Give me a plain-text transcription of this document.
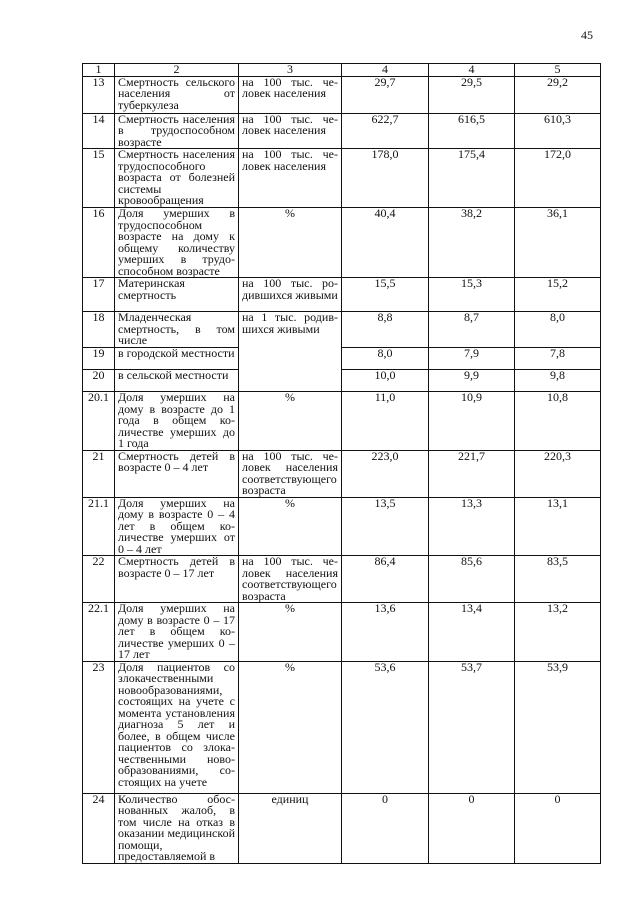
45
1	2	3	4	4	5
13	Смертность сельского населения от туберкулеза	на 100 тыс. человек населения	29,7	29,5	29,2
14	Смертность населения в трудоспособном возрасте	на 100 тыс. человек населения	622,7	616,5	610,3
15	Смертность населения трудоспособного возраста от болезней системы кровообращения	на 100 тыс. человек населения	178,0	175,4	172,0
16	Доля умерших в трудоспособном возрасте на дому к общему количеству умерших в трудоспособном возрасте	%	40,4	38,2	36,1
17	Материнская смертность	на 100 тыс. родившихся живыми	15,5	15,3	15,2
18	Младенческая смертность, в том числе	на 1 тыс. родившихся живыми	8,8	8,7	8,0
19	в городской местности		8,0	7,9	7,8
20	в сельской местности		10,0	9,9	9,8
20.1	Доля умерших на дому в возрасте до 1 года в общем количестве умерших до 1 года	%	11,0	10,9	10,8
21	Смертность детей в возрасте 0 – 4 лет	на 100 тыс. человек населения соответствующего возраста	223,0	221,7	220,3
21.1	Доля умерших на дому в возрасте 0 – 4 лет в общем количестве умерших от 0 – 4 лет	%	13,5	13,3	13,1
22	Смертность детей в возрасте 0 – 17 лет	на 100 тыс. человек населения соответствующего возраста	86,4	85,6	83,5
22.1	Доля умерших на дому в возрасте 0 – 17 лет в общем количестве умерших 0 – 17 лет	%	13,6	13,4	13,2
23	Доля пациентов со злокачественными новообразованиями, состоящих на учете с момента установления диагноза 5 лет и более, в общем числе пациентов со злокачественными новообразованиями, состоящих на учете	%	53,6	53,7	53,9
24	Количество обоснованных жалоб, в том числе на отказ в оказании медицинской помощи, предоставляемой в	единиц	0	0	0
